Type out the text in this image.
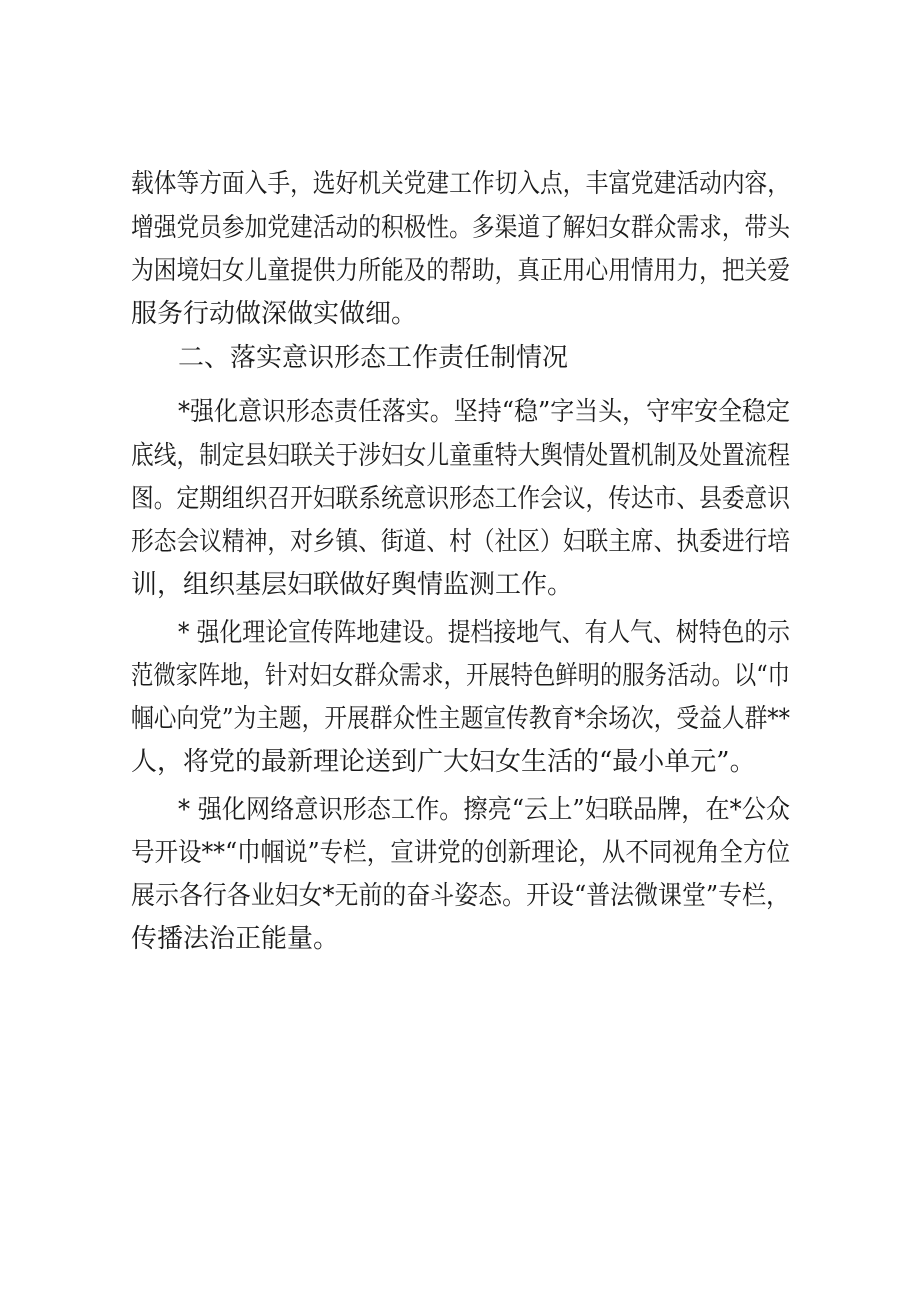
载体等方面入手，选好机关党建工作切入点，丰富党建活动内容，
增强党员参加党建活动的积极性。多渠道了解妇女群众需求，带头
为困境妇女儿童提供力所能及的帮助，真正用心用情用力，把关爱
服务行动做深做实做细。
二、落实意识形态工作责任制情况
*强化意识形态责任落实。坚持“稳”字当头，守牢安全稳定
底线，制定县妇联关于涉妇女儿童重特大舆情处置机制及处置流程
图。定期组织召开妇联系统意识形态工作会议，传达市、县委意识
形态会议精神，对乡镇、街道、村（社区）妇联主席、执委进行培
训，组织基层妇联做好舆情监测工作。
* 强化理论宣传阵地建设。提档接地气、有人气、树特色的示
范微家阵地，针对妇女群众需求，开展特色鲜明的服务活动。以“巾
帼心向党”为主题，开展群众性主题宣传教育*余场次，受益人群**
人，将党的最新理论送到广大妇女生活的“最小单元”。
* 强化网络意识形态工作。擦亮“云上”妇联品牌，在*公众
号开设**“巾帼说”专栏，宣讲党的创新理论，从不同视角全方位
展示各行各业妇女*无前的奋斗姿态。开设“普法微课堂”专栏，
传播法治正能量。
